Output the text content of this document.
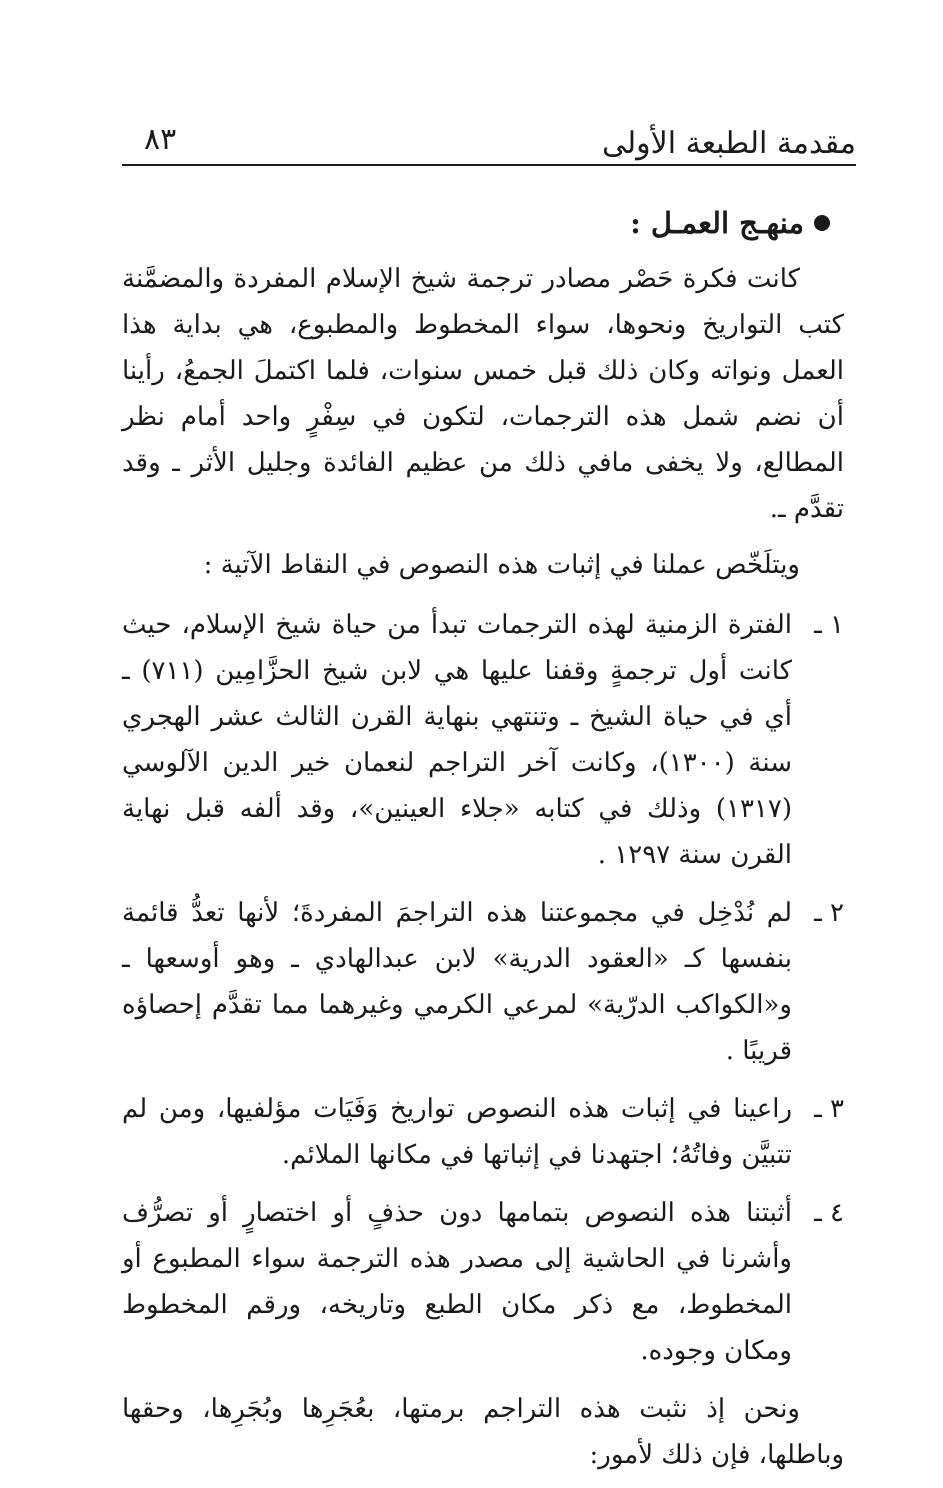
مقدمة الطبعة الأولى
٨٣
منهـج العمـل :

كانت فكرة حَصْر مصادر ترجمة شيخ الإسلام المفردة والمضمَّنة كتب التواريخ ونحوها، سواء المخطوط والمطبوع، هي بداية هذا العمل ونواته وكان ذلك قبل خمس سنوات، فلما اكتملَ الجمعُ، رأينا أن نضم شمل هذه الترجمات، لتكون في سِفْرٍ واحد أمام نظر المطالع، ولا يخفى مافي ذلك من عظيم الفائدة وجليل الأثر ـ وقد تقدَّم ـ.

ويتلَخّص عملنا في إثبات هذه النصوص في النقاط الآتية :

١ ـ
الفترة الزمنية لهذه الترجمات تبدأ من حياة شيخ الإسلام، حيث كانت أول ترجمةٍ وقفنا عليها هي لابن شيخ الحزَّامِين (٧١١) ـ أي في حياة الشيخ ـ وتنتهي بنهاية القرن الثالث عشر الهجري سنة (١٣٠٠)، وكانت آخر التراجم لنعمان خير الدين الآلوسي (١٣١٧) وذلك في كتابه «جلاء العينين»، وقد ألفه قبل نهاية القرن سنة ١٢٩٧ .
٢ ـ
لم نُدْخِل في مجموعتنا هذه التراجمَ المفردةَ؛ لأنها تعدُّ قائمة بنفسها كـ «العقود الدرية» لابن عبدالهادي ـ وهو أوسعها ـ و«الكواكب الدرّية» لمرعي الكرمي وغيرهما مما تقدَّم إحصاؤه قريبًا .
٣ ـ
راعينا في إثبات هذه النصوص تواريخ وَفَيَات مؤلفيها، ومن لم تتبيَّن وفاتُهُ؛ اجتهدنا في إثباتها في مكانها الملائم.
٤ ـ
أثبتنا هذه النصوص بتمامها دون حذفٍ أو اختصارٍ أو تصرُّف وأشرنا في الحاشية إلى مصدر هذه الترجمة سواء المطبوع أو المخطوط، مع ذكر مكان الطبع وتاريخه، ورقم المخطوط ومكان وجوده.

ونحن إذ نثبت هذه التراجم برمتها، بعُجَرِها وبُجَرِها، وحقها وباطلها، فإن ذلك لأمور:
